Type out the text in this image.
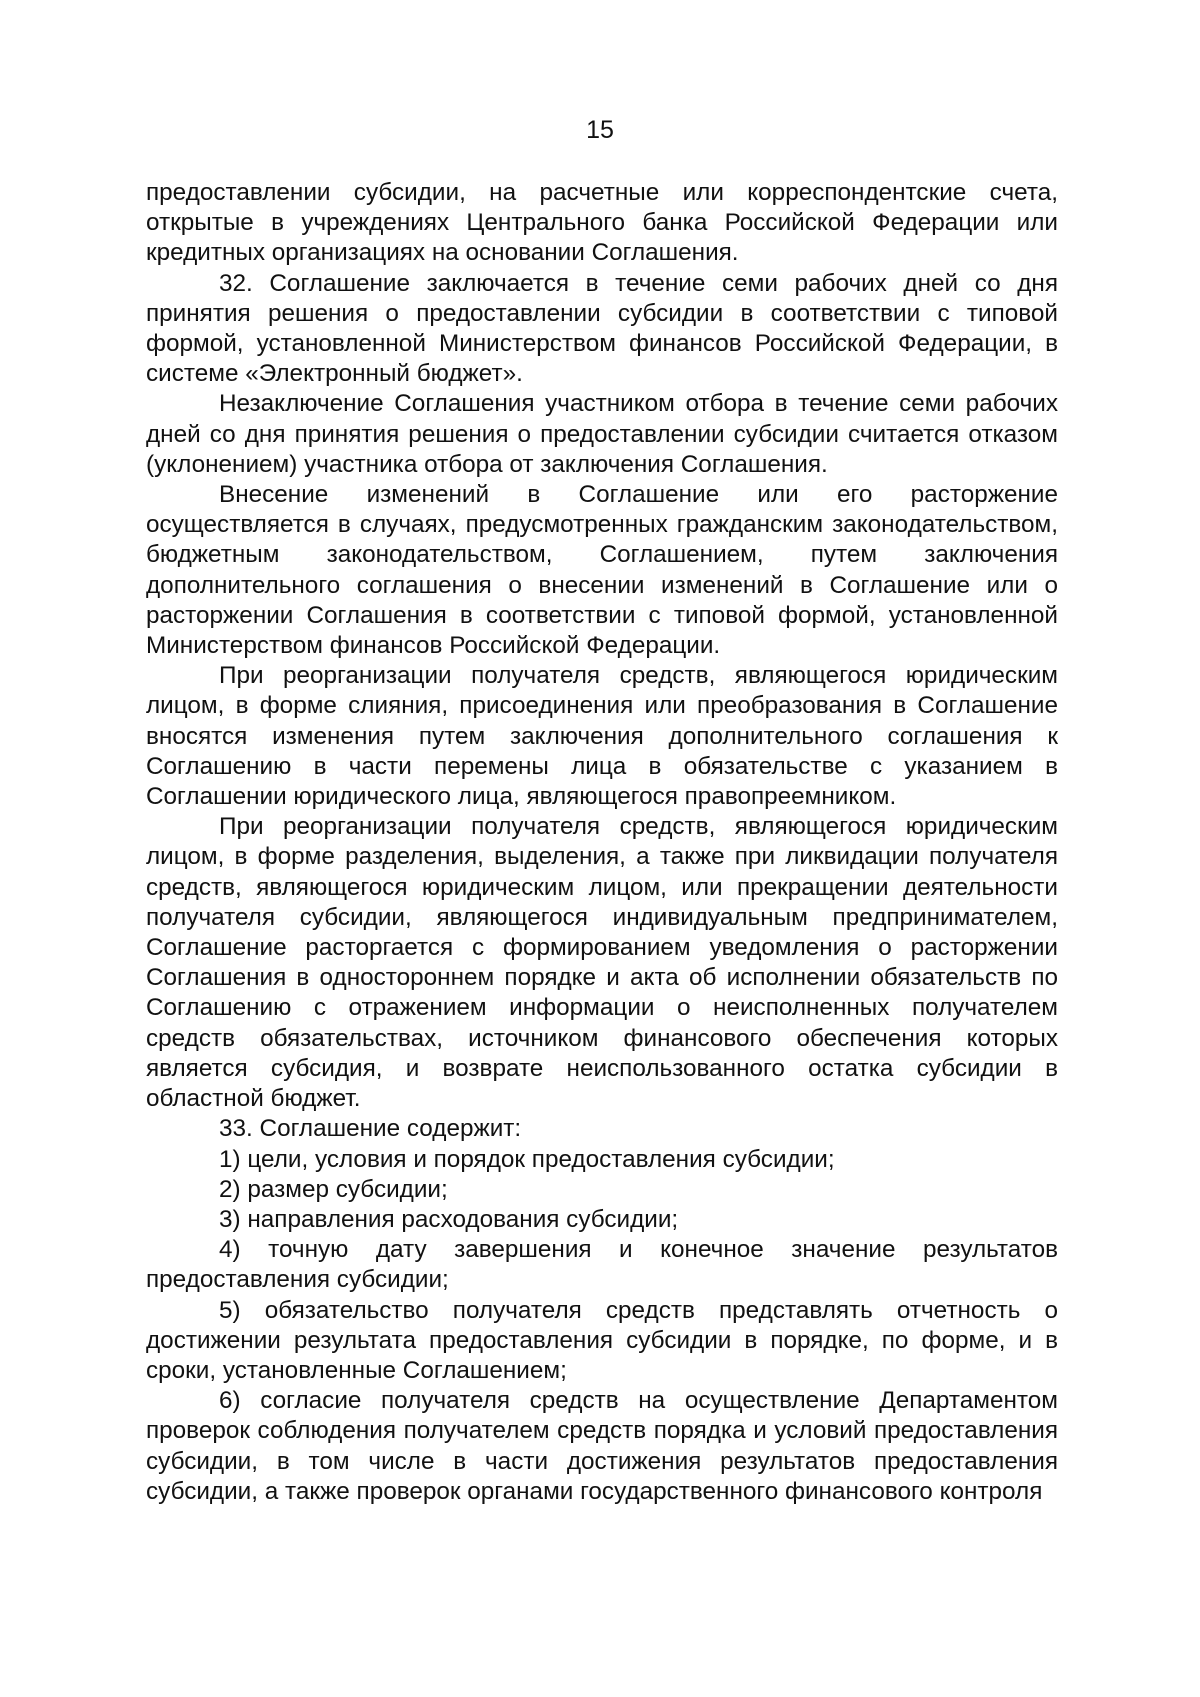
15

предоставлении субсидии, на расчетные или корреспондентские счета, открытые в учреждениях Центрального банка Российской Федерации или кредитных организациях на основании Соглашения.

32. Соглашение заключается в течение семи рабочих дней со дня принятия решения о предоставлении субсидии в соответствии с типовой формой, установленной Министерством финансов Российской Федерации, в системе «Электронный бюджет».

Незаключение Соглашения участником отбора в течение семи рабочих дней со дня принятия решения о предоставлении субсидии считается отказом (уклонением) участника отбора от заключения Соглашения.

Внесение изменений в Соглашение или его расторжение осуществляется в случаях, предусмотренных гражданским законодательством, бюджетным законодательством, Соглашением, путем заключения дополнительного соглашения о внесении изменений в Соглашение или о расторжении Соглашения в соответствии с типовой формой, установленной Министерством финансов Российской Федерации.

При реорганизации получателя средств, являющегося юридическим лицом, в форме слияния, присоединения или преобразования в Соглашение вносятся изменения путем заключения дополнительного соглашения к Соглашению в части перемены лица в обязательстве с указанием в Соглашении юридического лица, являющегося правопреемником.

При реорганизации получателя средств, являющегося юридическим лицом, в форме разделения, выделения, а также при ликвидации получателя средств, являющегося юридическим лицом, или прекращении деятельности получателя субсидии, являющегося индивидуальным предпринимателем, Соглашение расторгается с формированием уведомления о расторжении Соглашения в одностороннем порядке и акта об исполнении обязательств по Соглашению с отражением информации о неисполненных получателем средств обязательствах, источником финансового обеспечения которых является субсидия, и возврате неиспользованного остатка субсидии в областной бюджет.

33. Соглашение содержит:

1) цели, условия и порядок предоставления субсидии;

2) размер субсидии;

3) направления расходования субсидии;

4) точную дату завершения и конечное значение результатов предоставления субсидии;

5) обязательство получателя средств представлять отчетность о достижении результата предоставления субсидии в порядке, по форме, и в сроки, установленные Соглашением;

6) согласие получателя средств на осуществление Департаментом проверок соблюдения получателем средств порядка и условий предоставления субсидии, в том числе в части достижения результатов предоставления субсидии, а также проверок органами государственного финансового контроля
